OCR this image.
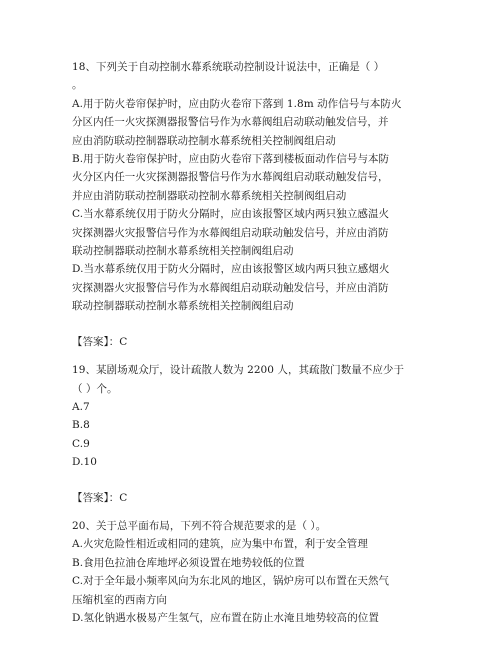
18、下列关于自动控制水幕系统联动控制设计说法中，正确是（ ）
。
A.用于防火卷帘保护时，应由防火卷帘下落到 1.8m 动作信号与本防火
分区内任一火灾探测器报警信号作为水幕阀组启动联动触发信号，并
应由消防联动控制器联动控制水幕系统相关控制阀组启动
B.用于防火卷帘保护时，应由防火卷帘下落到楼板面动作信号与本防
火分区内任一火灾探测器报警信号作为水幕阀组启动联动触发信号，
并应由消防联动控制器联动控制水幕系统相关控制阀组启动
C.当水幕系统仅用于防火分隔时，应由该报警区域内两只独立感温火
灾探测器火灾报警信号作为水幕阀组启动联动触发信号，并应由消防
联动控制器联动控制水幕系统相关控制阀组启动
D.当水幕系统仅用于防火分隔时，应由该报警区域内两只独立感烟火
灾探测器火灾报警信号作为水幕阀组启动联动触发信号，并应由消防
联动控制器联动控制水幕系统相关控制阀组启动
【答案】：C
19、某剧场观众厅，设计疏散人数为 2200 人，其疏散门数量不应少于
（ ）个。
A.7
B.8
C.9
D.10
【答案】：C
20、关于总平面布局，下列不符合规范要求的是（ ）。
A.火灾危险性相近或相同的建筑，应为集中布置，利于安全管理
B.食用色拉油仓库地坪必须设置在地势较低的位置
C.对于全年最小频率风向为东北风的地区，锅炉房可以布置在天然气
压缩机室的西南方向
D.氢化钠遇水极易产生氢气，应布置在防止水淹且地势较高的位置
